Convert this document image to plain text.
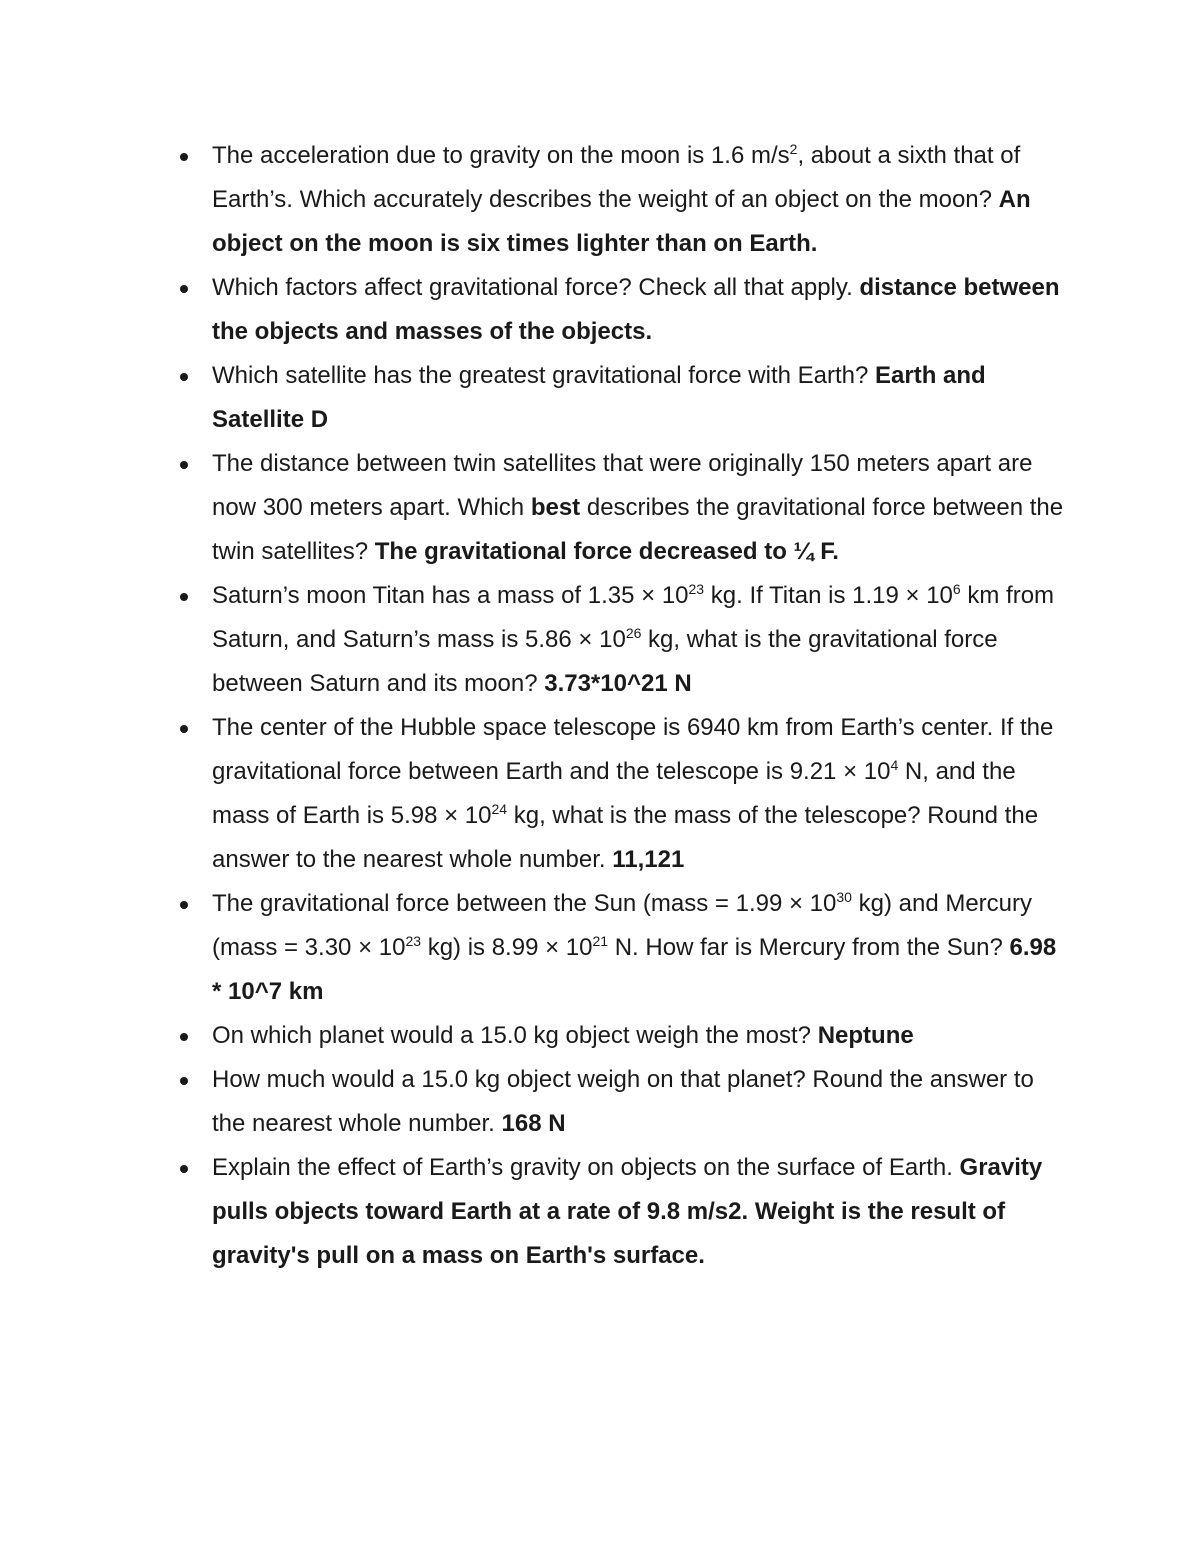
The acceleration due to gravity on the moon is 1.6 $m/s^2$, about a sixth that of Earth’s. Which accurately describes the weight of an object on the moon? An object on the moon is six times lighter than on Earth.
Which factors affect gravitational force? Check all that apply. distance between the objects and masses of the objects.
Which satellite has the greatest gravitational force with Earth? Earth and Satellite D
The distance between twin satellites that were originally 150 meters apart are now 300 meters apart. Which best describes the gravitational force between the twin satellites? The gravitational force decreased to ¼ F.
Saturn’s moon Titan has a mass of $1.35 \times 10^{23}$ kg. If Titan is $1.19 \times 10^6$ km from Saturn, and Saturn’s mass is $5.86 \times 10^{26}$ kg, what is the gravitational force between Saturn and its moon? 3.73*10^21 N
The center of the Hubble space telescope is 6940 km from Earth’s center. If the gravitational force between Earth and the telescope is $9.21 \times 10^4$ N, and the mass of Earth is $5.98 \times 10^{24}$ kg, what is the mass of the telescope? Round the answer to the nearest whole number. 11,121
The gravitational force between the Sun (mass = $1.99 \times 10^{30}$ kg) and Mercury (mass = $3.30 \times 10^{23}$ kg) is $8.99 \times 10^{21}$ N. How far is Mercury from the Sun? 6.98 * 10^7 km
On which planet would a 15.0 kg object weigh the most? Neptune
How much would a 15.0 kg object weigh on that planet? Round the answer to the nearest whole number. 168 N
Explain the effect of Earth’s gravity on objects on the surface of Earth. Gravity pulls objects toward Earth at a rate of 9.8 m/s2. Weight is the result of gravity's pull on a mass on Earth's surface.
